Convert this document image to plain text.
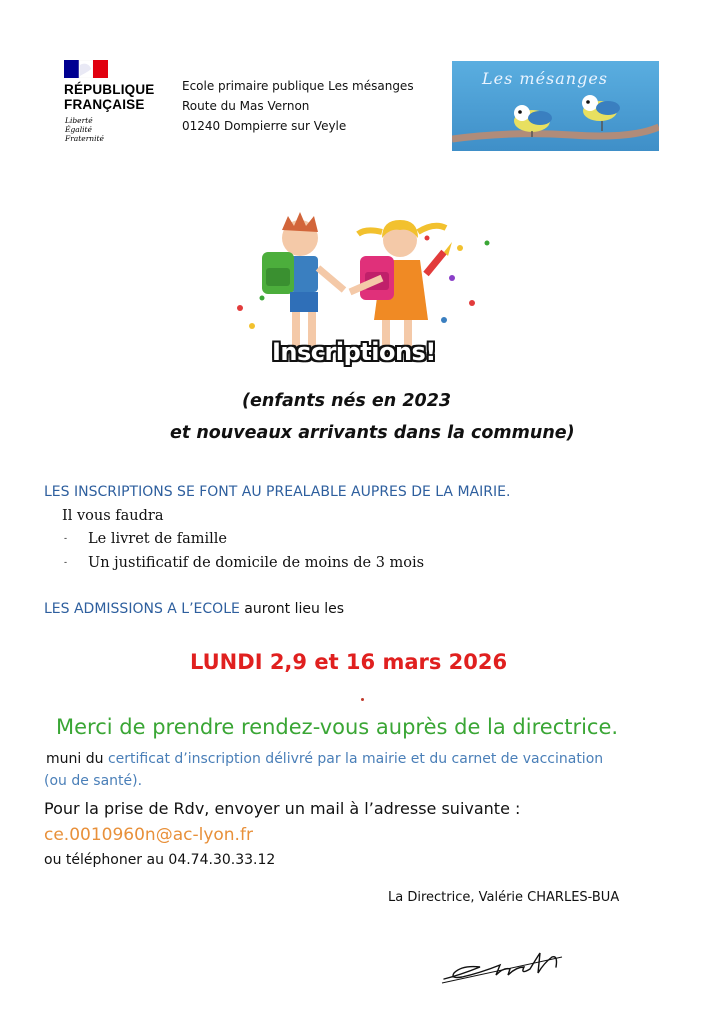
RÉPUBLIQUE
FRANÇAISE
Liberté
Égalité
Fraternité
Ecole primaire publique Les mésanges
Route du Mas Vernon
01240 Dompierre sur Veyle
Les mésanges
Inscriptions!
(enfants nés en 2023
et nouveaux arrivants dans la commune)
LES INSCRIPTIONS SE FONT AU PREALABLE AUPRES DE LA MAIRIE.
Il vous faudra
- Le livret de famille
- Un justificatif de domicile de moins de 3 mois
LES ADMISSIONS A L’ECOLE auront lieu les
LUNDI 2,9 et 16 mars 2026
Merci de prendre rendez-vous auprès de la directrice.
muni du certificat d’inscription délivré par la mairie et du carnet de vaccination
(ou de santé).
Pour la prise de Rdv, envoyer un mail à l’adresse suivante :
ce.0010960n@ac-lyon.fr
ou téléphoner au 04.74.30.33.12
La Directrice, Valérie CHARLES-BUA
